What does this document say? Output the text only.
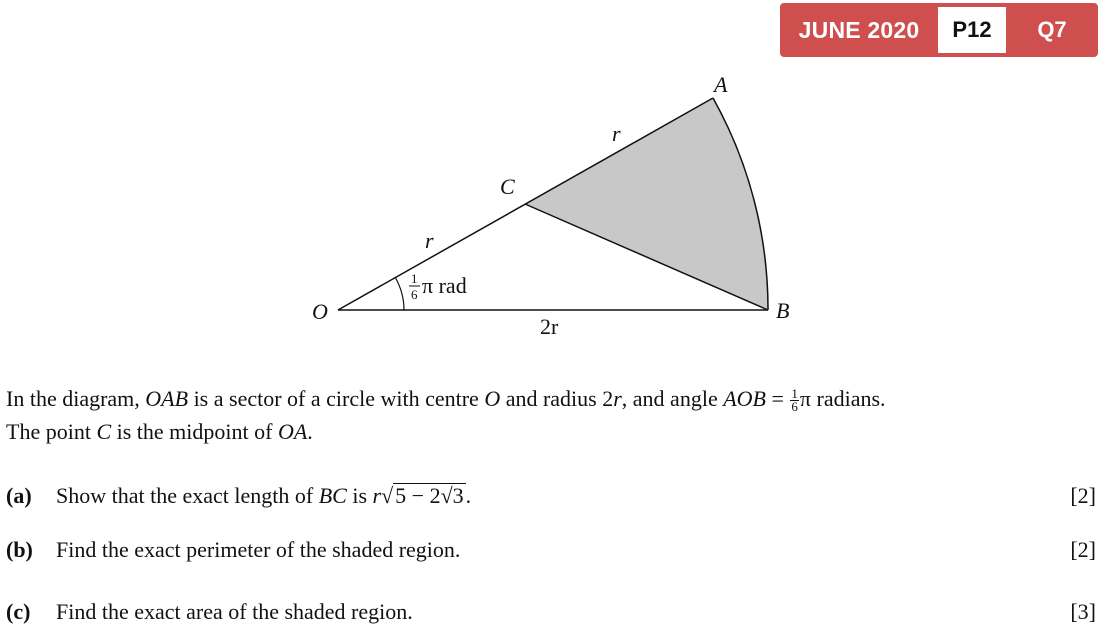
JUNE 2020	P12	Q7
O
A
B
C
r
r
2r
1
6 π rad
In the diagram, OAB is a sector of a circle with centre O and radius 2r, and angle AOB = $\frac{1}{6}$ π radians.
The point C is the midpoint of OA.
(a) Show that the exact length of BC is r√5 − 2√3.	[2]
(b) Find the exact perimeter of the shaded region.	[2]
(c) Find the exact area of the shaded region.	[3]
